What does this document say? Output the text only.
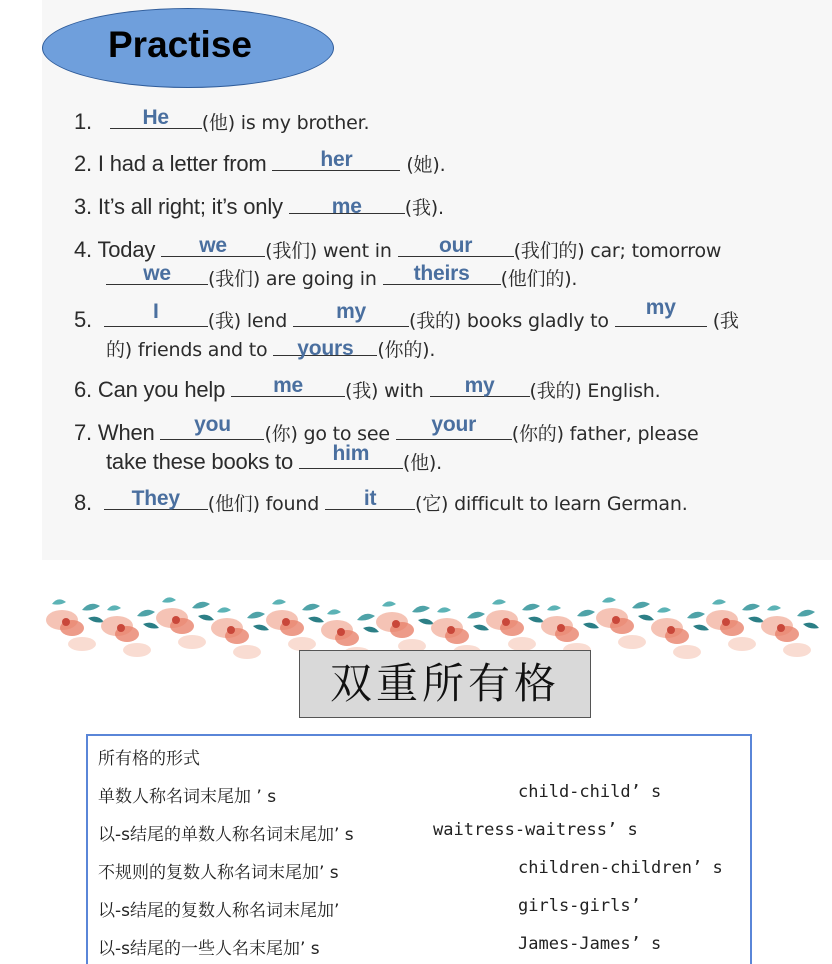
Practise
1.	He	(他) is my brother.
2. I had a letter from	her	(她).
3. It’s all right; it’s only	me	(我).
4. Today	we	(我们) went in	our	(我们的) car; tomorrow
we	(我们) are going in	theirs	(他们的).
5.	I	(我) lend	my	(我的) books gladly to
my
(我
的) friends and to	yours	(你的).
6. Can you help	me	(我) with	my	(我的) English.
7. When	you	(你) go to see	your	(你的) father, please
take these books to	him	(他).
8.	They	(他们) found	it	(它) difficult to learn German.
双重所有格
所有格的形式
单数人称名词末尾加 ’ s	child-child’ s
以-s结尾的单数人称名词末尾加’ s	waitress-waitress’ s
不规则的复数人称名词末尾加’ s	children-children’ s
以-s结尾的复数人称名词末尾加’	girls-girls’
以-s结尾的一些人名末尾加’ s	James-James’ s
